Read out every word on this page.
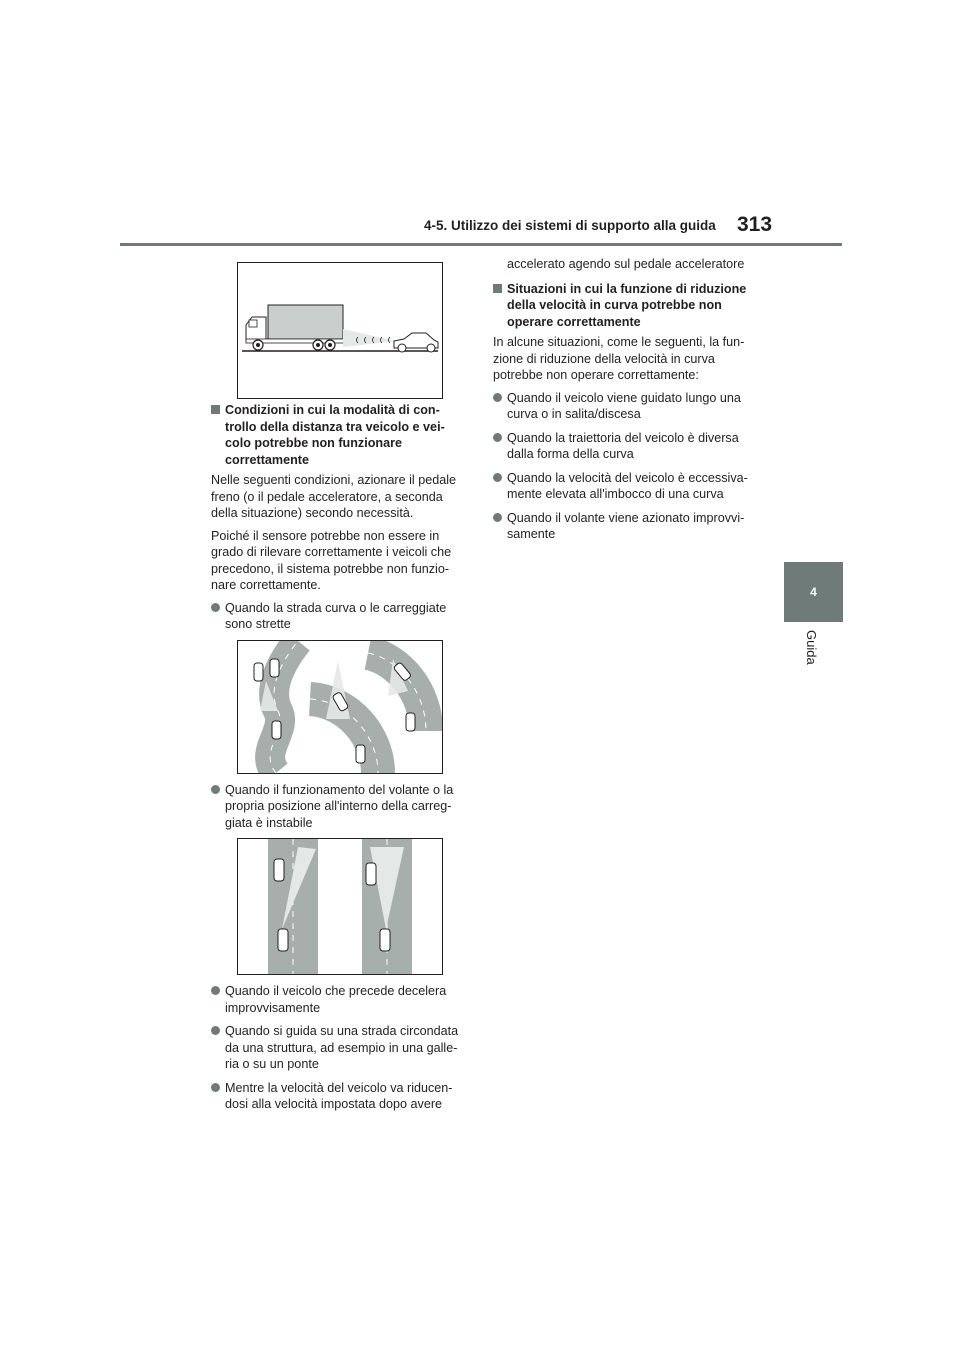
4-5. Utilizzo dei sistemi di supporto alla guida 313
4
Guida
Condizioni in cui la modalità di con-trollo della distanza tra veicolo e vei-colo potrebbe non funzionare correttamente

Nelle seguenti condizioni, azionare il pedale freno (o il pedale acceleratore, a seconda della situazione) secondo necessità.

Poiché il sensore potrebbe non essere in grado di rilevare correttamente i veicoli che precedono, il sistema potrebbe non funzio-nare correttamente.

Quando la strada curva o le carreggiate sono strette
Quando il funzionamento del volante o la propria posizione all'interno della carreg-giata è instabile
Quando il veicolo che precede decelera improvvisamente
Quando si guida su una strada circondata da una struttura, ad esempio in una galle-ria o su un ponte
Mentre la velocità del veicolo va riducen-dosi alla velocità impostata dopo avere

accelerato agendo sul pedale acceleratore

Situazioni in cui la funzione di riduzione della velocità in curva potrebbe non operare correttamente

In alcune situazioni, come le seguenti, la fun-zione di riduzione della velocità in curva potrebbe non operare correttamente:

Quando il veicolo viene guidato lungo una curva o in salita/discesa
Quando la traiettoria del veicolo è diversa dalla forma della curva
Quando la velocità del veicolo è eccessiva-mente elevata all'imbocco di una curva
Quando il volante viene azionato improvvi-samente
